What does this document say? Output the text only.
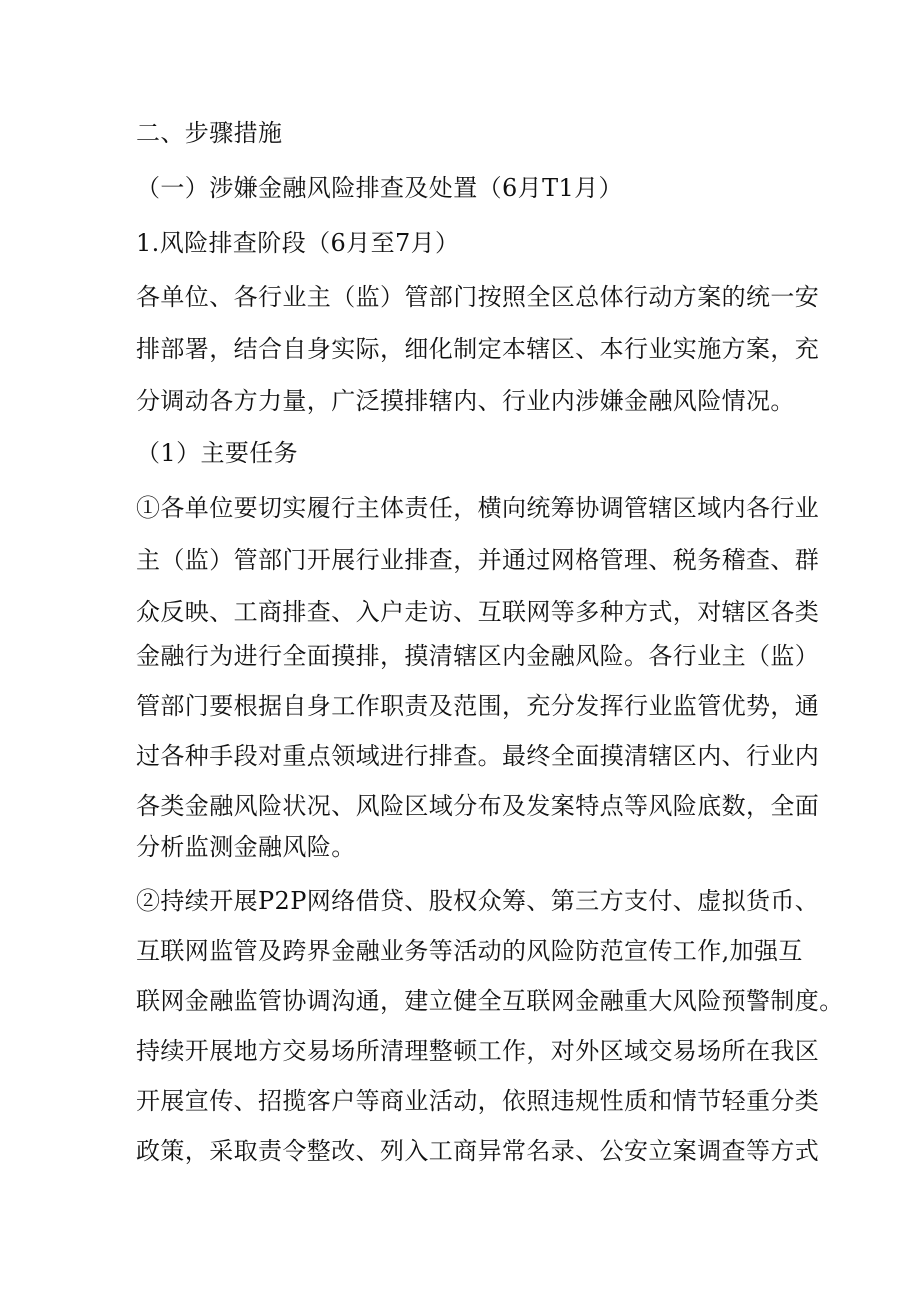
二、步骤措施
（一）涉嫌金融风险排查及处置（6月T1月）
1.风险排查阶段（6月至7月）
各单位、各行业主（监）管部门按照全区总体行动方案的统一安
排部署，结合自身实际，细化制定本辖区、本行业实施方案，充
分调动各方力量，广泛摸排辖内、行业内涉嫌金融风险情况。
（1）主要任务
①各单位要切实履行主体责任，横向统筹协调管辖区域内各行业
主（监）管部门开展行业排查，并通过网格管理、税务稽查、群
众反映、工商排查、入户走访、互联网等多种方式，对辖区各类
金融行为进行全面摸排，摸清辖区内金融风险。各行业主（监）
管部门要根据自身工作职责及范围，充分发挥行业监管优势，通
过各种手段对重点领域进行排查。最终全面摸清辖区内、行业内
各类金融风险状况、风险区域分布及发案特点等风险底数，全面
分析监测金融风险。
②持续开展P2P网络借贷、股权众筹、第三方支付、虚拟货币、
互联网监管及跨界金融业务等活动的风险防范宣传工作,加强互
联网金融监管协调沟通，建立健全互联网金融重大风险预警制度。
持续开展地方交易场所清理整顿工作，对外区域交易场所在我区
开展宣传、招揽客户等商业活动，依照违规性质和情节轻重分类
政策，采取责令整改、列入工商异常名录、公安立案调查等方式
